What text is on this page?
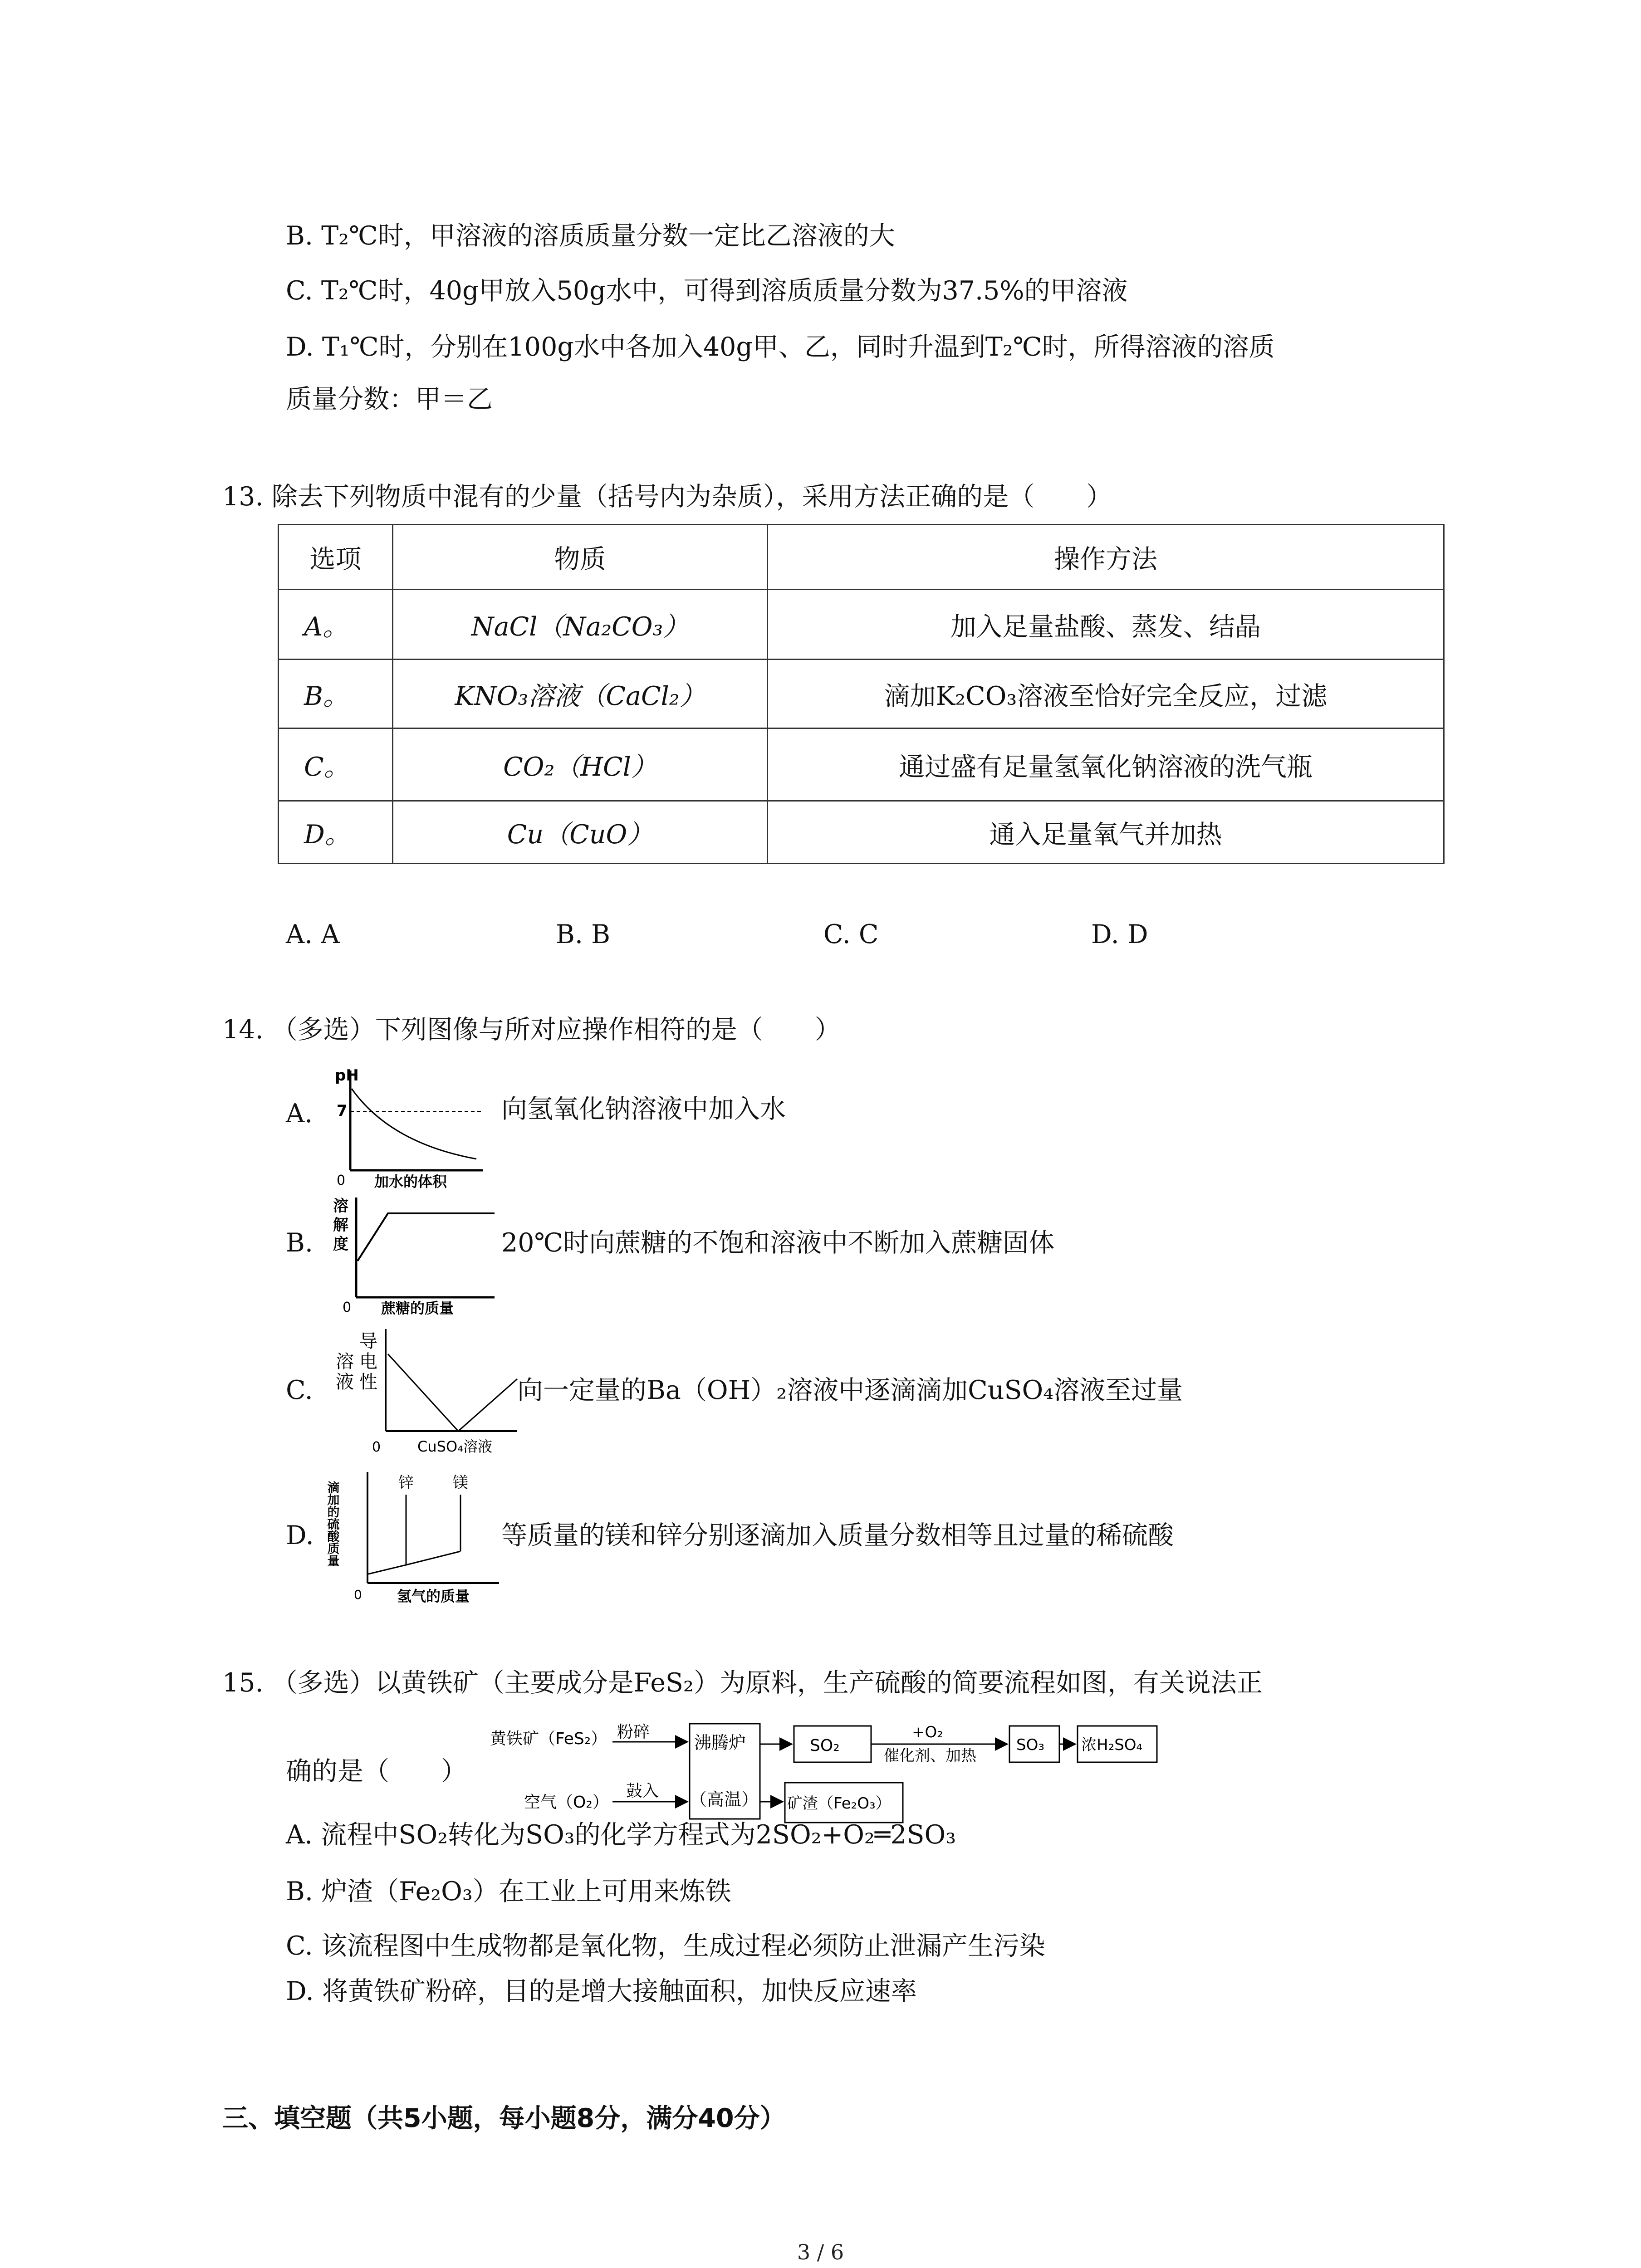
B. T₂℃时，甲溶液的溶质质量分数一定比乙溶液的大
C. T₂℃时，40g甲放入50g水中，可得到溶质质量分数为37.5%的甲溶液
D. T₁℃时，分别在100g水中各加入40g甲、乙，同时升温到T₂℃时，所得溶液的溶质
质量分数：甲＝乙
13. 除去下列物质中混有的少量（括号内为杂质），采用方法正确的是（　　）
选项	物质	操作方法
A。	NaCl（Na₂CO₃）	加入足量盐酸、蒸发、结晶
B。	KNO₃溶液（CaCl₂）	滴加K₂CO₃溶液至恰好完全反应，过滤
C。	CO₂（HCl）	通过盛有足量氢氧化钠溶液的洗气瓶
D。	Cu（CuO）	通入足量氧气并加热
A. A	B. B	C. C	D. D
14. （多选）下列图像与所对应操作相符的是（　　）
A.
pH
7
0 加水的体积
向氢氧化钠溶液中加入水
B.
溶
解
度
0 蔗糖的质量
20℃时向蔗糖的不饱和溶液中不断加入蔗糖固体
C.
溶
液
导
电
性
0	CuSO₄溶液
向一定量的Ba（OH）₂溶液中逐滴滴加CuSO₄溶液至过量
D. 滴加的硫酸质量	锌	镁
0 氢气的质量
等质量的镁和锌分别逐滴加入质量分数相等且过量的稀硫酸
15. （多选）以黄铁矿（主要成分是FeS₂）为原料，生产硫酸的简要流程如图，有关说法正
确的是（　　）
黄铁矿（FeS₂） 粉碎
空气（O₂）
鼓入
沸腾炉
（高温）
SO₂
+O₂
催化剂、加热
SO₃ 浓H₂SO₄
矿渣（Fe₂O₃）
A. 流程中SO₂转化为SO₃的化学方程式为2SO₂+O₂═2SO₃
B. 炉渣（Fe₂O₃）在工业上可用来炼铁
C. 该流程图中生成物都是氧化物，生成过程必须防止泄漏产生污染
D. 将黄铁矿粉碎，目的是增大接触面积，加快反应速率
三、填空题（共5小题，每小题8分，满分40分）
3 / 6
